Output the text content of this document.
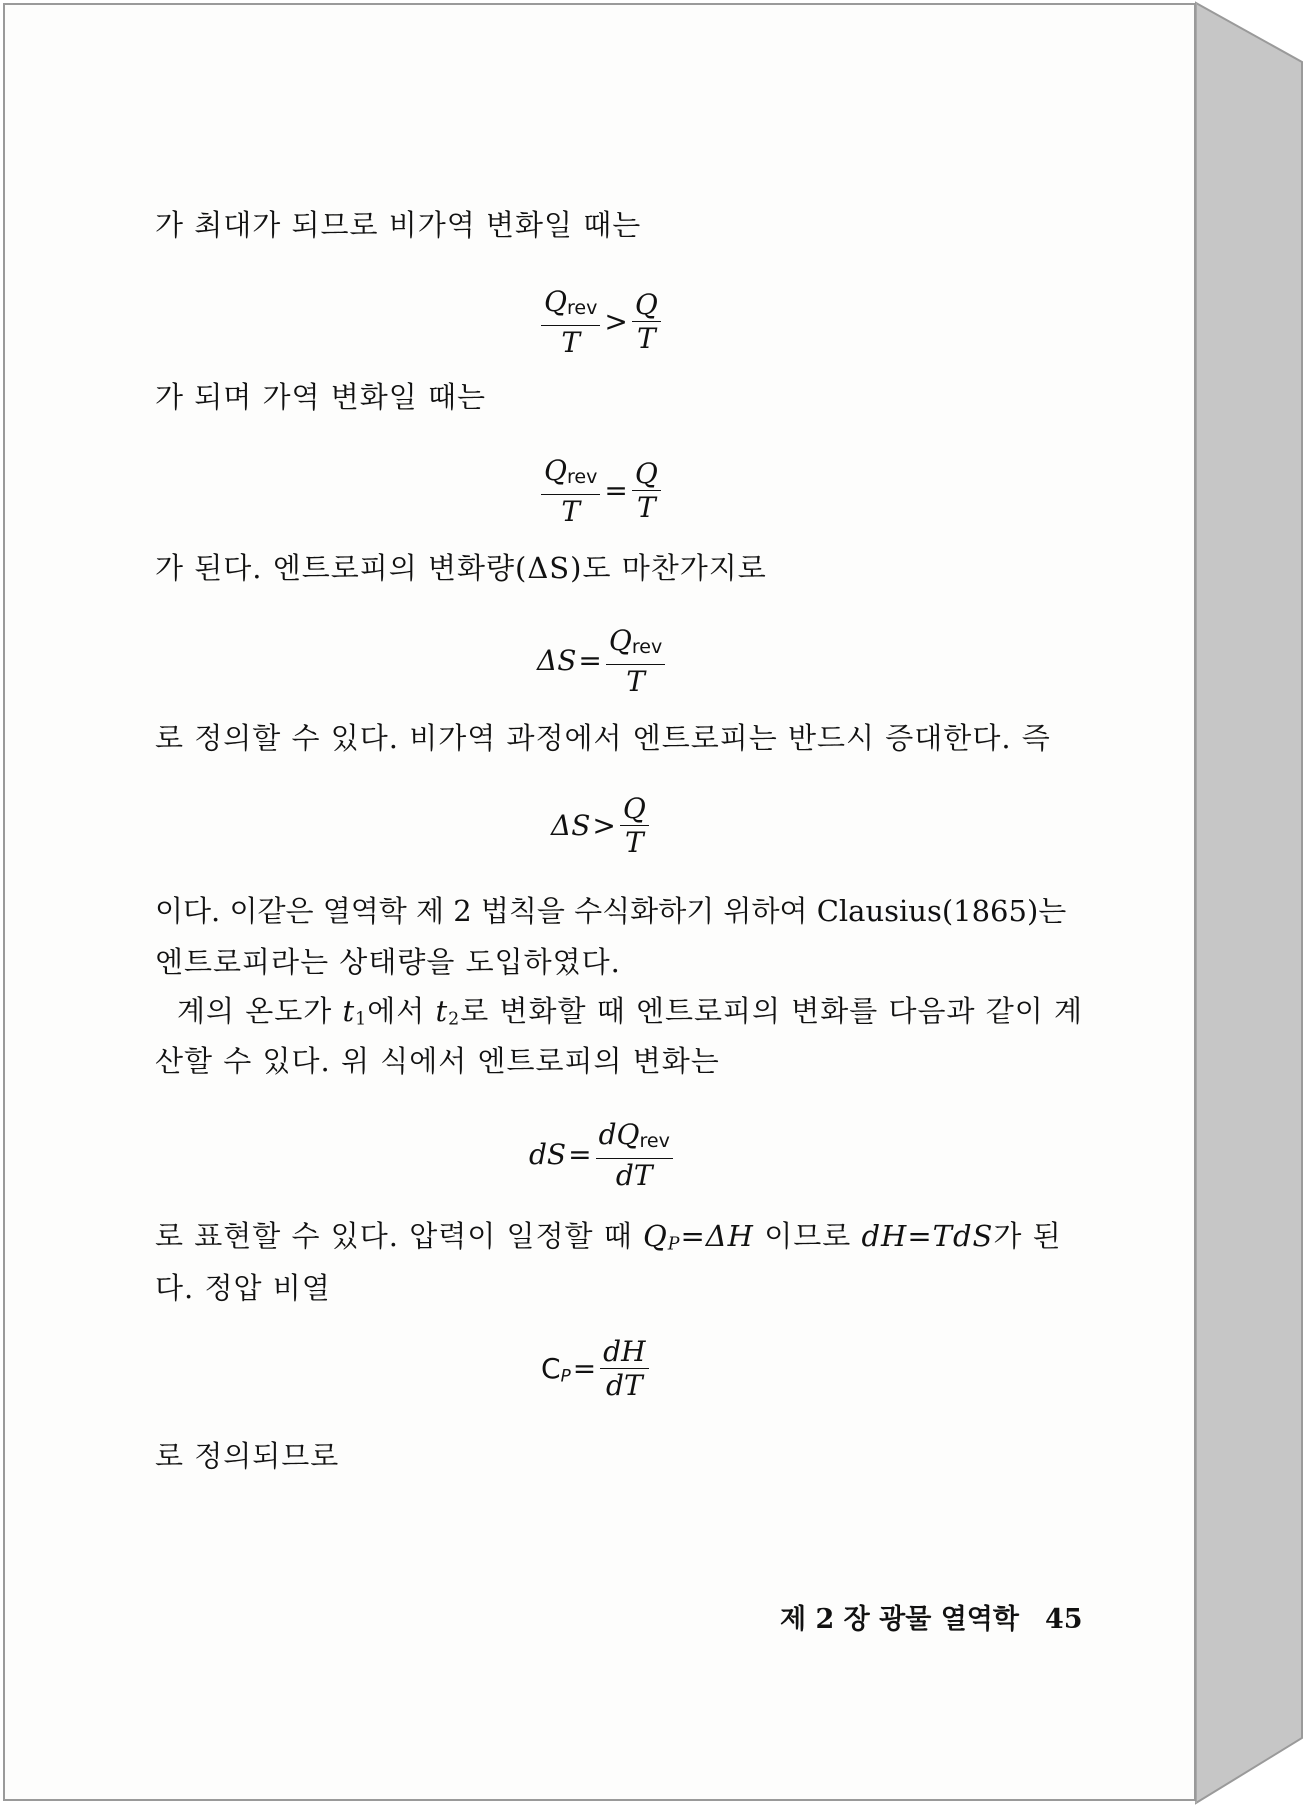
가 최대가 되므로 비가역 변화일 때는
$\frac{\text{Qrev}}{T} > \frac{Q}{T}$
가 되며 가역 변화일 때는
$\frac{\text{Qrev}}{T} = \frac{Q}{T}$
가 된다. 엔트로피의 변화량(ΔS)도 마찬가지로
$\Delta S = \frac{\text{Qrev}}{T}$
로 정의할 수 있다. 비가역 과정에서 엔트로피는 반드시 증대한다. 즉
$\Delta S > \frac{Q}{T}$
이다. 이같은 열역학 제 2 법칙을 수식화하기 위하여 Clausius(1865)는
엔트로피라는 상태량을 도입하였다.
계의 온도가 $t_1$에서 $t_2$로 변화할 때 엔트로피의 변화를 다음과 같이 계
산할 수 있다. 위 식에서 엔트로피의 변화는
dS = $\frac{\text{dQrev}}{dT}$
로 표현할 수 있다. 압력이 일정할 때 QP=ΔH 이므로 dH=TdS가 된
다. 정압 비열
CP = $\frac{dH}{dT}$
로 정의되므로
제 2 장 광물 열역학 45
